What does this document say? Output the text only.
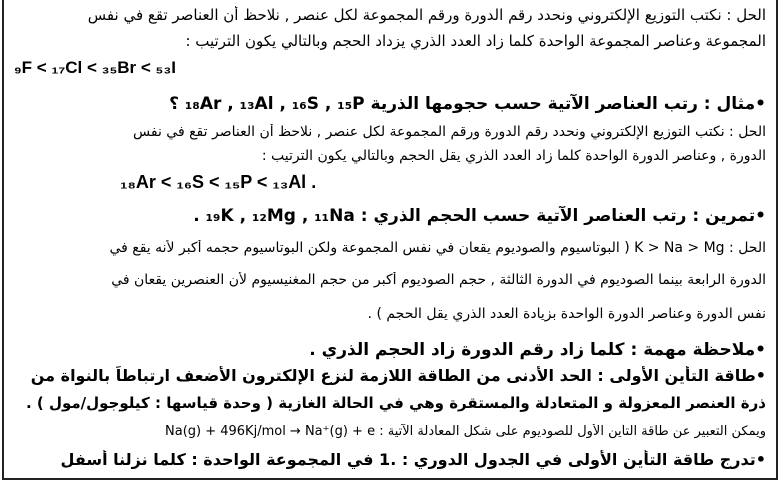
الحل : نكتب التوزيع الإلكتروني ونحدد رقم الدورة ورقم المجموعة لكل عنصر , نلاحظ أن العناصر تقع في نفس
المجموعة وعناصر المجموعة الواحدة كلما زاد العدد الذري يزداد الحجم وبالتالي يكون الترتيب :
₉F < ₁₇Cl < ₃₅Br < ₅₃I
•مثال : رتب العناصر الآتية حسب حجومها الذرية ₁₈Ar , ₁₃Al , ₁₆S , ₁₅P ؟
الحل : نكتب التوزيع الإلكتروني ونحدد رقم الدورة ورقم المجموعة لكل عنصر , نلاحظ أن العناصر تقع في نفس
الدورة , وعناصر الدورة الواحدة كلما زاد العدد الذري يقل الحجم وبالتالي يكون الترتيب :
₁₈Ar < ₁₆S < ₁₅P < ₁₃Al .
•تمرين : رتب العناصر الآتية حسب الحجم الذري : ₁₉K , ₁₂Mg , ₁₁Na .
الحل : K > Na > Mg ( البوتاسيوم والصوديوم يقعان في نفس المجموعة ولكن البوتاسيوم حجمه أكبر لأنه يقع في
الدورة الرابعة بينما الصوديوم في الدورة الثالثة , حجم الصوديوم أكبر من حجم المغنيسيوم لأن العنصرين يقعان في
نفس الدورة وعناصر الدورة الواحدة بزيادة العدد الذري يقل الحجم ) .
•ملاحظة مهمة : كلما زاد رقم الدورة زاد الحجم الذري .
•طاقة التأين الأولى : الحد الأدنى من الطاقة اللازمة لنزع الإلكترون الأضعف ارتباطاً بالنواة من
ذرة العنصر المعزولة و المتعادلة والمستقرة وهي في الحالة الغازية ( وحدة قياسها : كيلوجول/مول ) .
ويمكن التعبير عن طاقة التأين الأول للصوديوم على شكل المعادلة الآتية : Na(g) + 496Kj/mol → Na⁺(g) + e
•تدرج طاقة التأين الأولى في الجدول الدوري : .1 في المجموعة الواحدة : كلما نزلنا أسفل
